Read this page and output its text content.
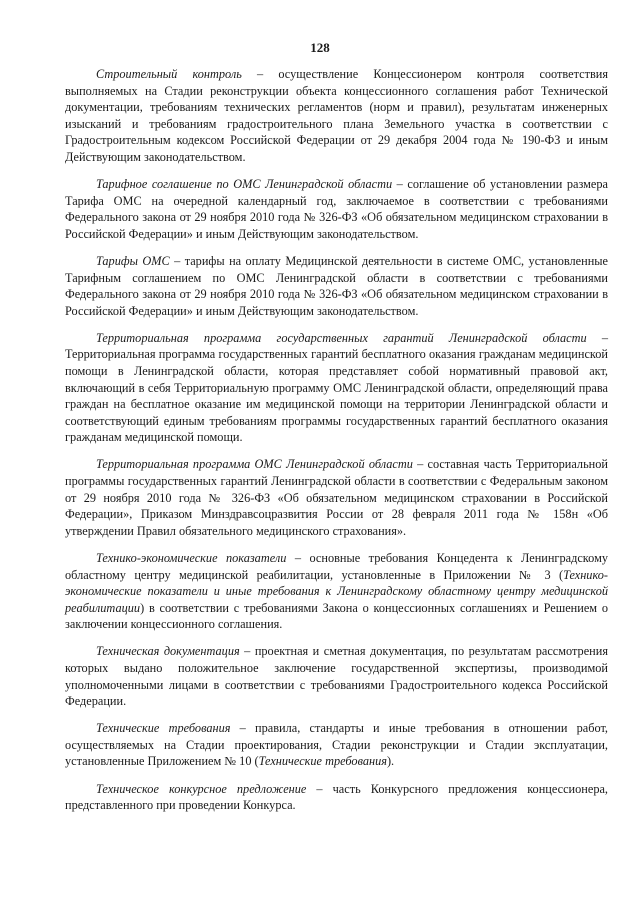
128

Строительный контроль – осуществление Концессионером контроля соответствия выполняемых на Стадии реконструкции объекта концессионного соглашения работ Технической документации, требованиям технических регламентов (норм и правил), результатам инженерных изысканий и требованиям градостроительного плана Земельного участка в соответствии с Градостроительным кодексом Российской Федерации от 29 декабря 2004 года № 190-ФЗ и иным Действующим законодательством.

Тарифное соглашение по ОМС Ленинградской области – соглашение об установлении размера Тарифа ОМС на очередной календарный год, заключаемое в соответствии с требованиями Федерального закона от 29 ноября 2010 года № 326-ФЗ «Об обязательном медицинском страховании в Российской Федерации» и иным Действующим законодательством.

Тарифы ОМС – тарифы на оплату Медицинской деятельности в системе ОМС, установленные Тарифным соглашением по ОМС Ленинградской области в соответствии с требованиями Федерального закона от 29 ноября 2010 года № 326-ФЗ «Об обязательном медицинском страховании в Российской Федерации» и иным Действующим законодательством.

Территориальная программа государственных гарантий Ленинградской области – Территориальная программа государственных гарантий бесплатного оказания гражданам медицинской помощи в Ленинградской области, которая представляет собой нормативный правовой акт, включающий в себя Территориальную программу ОМС Ленинградской области, определяющий права граждан на бесплатное оказание им медицинской помощи на территории Ленинградской области и соответствующий единым требованиям программы государственных гарантий бесплатного оказания гражданам медицинской помощи.

Территориальная программа ОМС Ленинградской области – составная часть Территориальной программы государственных гарантий Ленинградской области в соответствии с Федеральным законом от 29 ноября 2010 года № 326-ФЗ «Об обязательном медицинском страховании в Российской Федерации», Приказом Минздравсоцразвития России от 28 февраля 2011 года № 158н «Об утверждении Правил обязательного медицинского страхования».

Технико-экономические показатели – основные требования Концедента к Ленинградскому областному центру медицинской реабилитации, установленные в Приложении № 3 (Технико-экономические показатели и иные требования к Ленинградскому областному центру медицинской реабилитации) в соответствии с требованиями Закона о концессионных соглашениях и Решением о заключении концессионного соглашения.

Техническая документация – проектная и сметная документация, по результатам рассмотрения которых выдано положительное заключение государственной экспертизы, производимой уполномоченными лицами в соответствии с требованиями Градостроительного кодекса Российской Федерации.

Технические требования – правила, стандарты и иные требования в отношении работ, осуществляемых на Стадии проектирования, Стадии реконструкции и Стадии эксплуатации, установленные Приложением № 10 (Технические требования).

Техническое конкурсное предложение – часть Конкурсного предложения концессионера, представленного при проведении Конкурса.
